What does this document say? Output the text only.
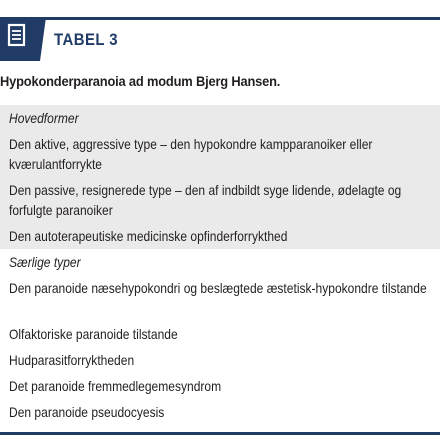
TABEL 3
Hypokonderparanoia ad modum Bjerg Hansen.
Hovedformer
Den aktive, aggressive type – den hypokondre kampparanoiker eller kværulantforrykte
Den passive, resignerede type – den af indbildt syge lidende, ødelagte og forfulgte paranoiker
Den autoterapeutiske medicinske opfinderforrykthed
Særlige typer
Den paranoide næsehypokondri og beslægtede æstetisk-hypokondre tilstande
Olfaktoriske paranoide tilstande
Hudparasitforryktheden
Det paranoide fremmedlegemesyndrom
Den paranoide pseudocyesis
